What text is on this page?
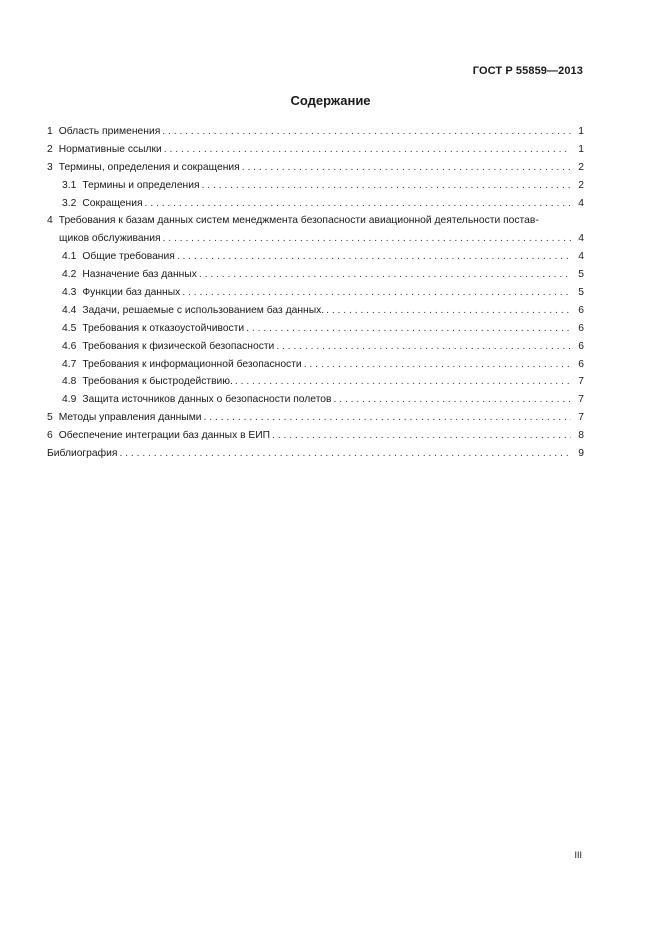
ГОСТ Р 55859—2013
Содержание
1 Область применения . . .	1
2 Нормативные ссылки . . .	1
3 Термины, определения и сокращения . . .	2
3.1 Термины и определения . . .	2
3.2 Сокращения . . .	4
4 Требования к базам данных систем менеджмента безопасности авиационной деятельности постав-
щиков обслуживания . . .	4
4.1 Общие требования . . .	4
4.2 Назначение баз данных . . .	5
4.3 Функции баз данных . . .	5
4.4 Задачи, решаемые с использованием баз данных. . . .	6
4.5 Требования к отказоустойчивости . . .	6
4.6 Требования к физической безопасности . . .	6
4.7 Требования к информационной безопасности . . .	6
4.8 Требования к быстродействию. . . .	7
4.9 Защита источников данных о безопасности полетов . . .	7
5 Методы управления данными . . .	7
6 Обеспечение интеграции баз данных в ЕИП . . .	8
Библиография . . .	9
III
